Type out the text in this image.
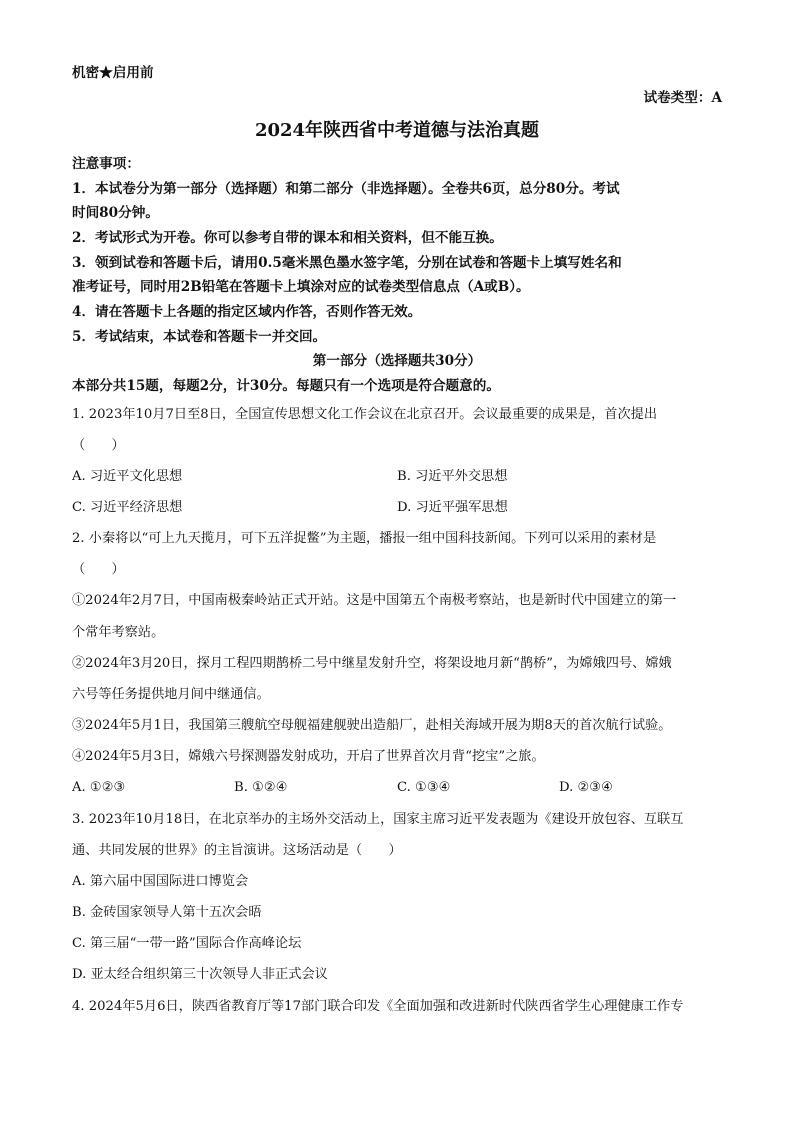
机密★启用前
试卷类型：A
2024年陕西省中考道德与法治真题
注意事项：
1．本试卷分为第一部分（选择题）和第二部分（非选择题）。全卷共6页，总分80分。考试
时间80分钟。
2．考试形式为开卷。你可以参考自带的课本和相关资料，但不能互换。
3．领到试卷和答题卡后，请用0.5毫米黑色墨水签字笔，分别在试卷和答题卡上填写姓名和
准考证号，同时用2B铅笔在答题卡上填涂对应的试卷类型信息点（A或B）。
4．请在答题卡上各题的指定区域内作答，否则作答无效。
5．考试结束，本试卷和答题卡一并交回。
第一部分（选择题共30分）
本部分共15题，每题2分，计30分。每题只有一个选项是符合题意的。
1. 2023年10月7日至8日，全国宣传思想文化工作会议在北京召开。会议最重要的成果是，首次提出
（　　）
A. 习近平文化思想	B. 习近平外交思想
C. 习近平经济思想	D. 习近平强军思想
2. 小秦将以“可上九天揽月，可下五洋捉鳖”为主题，播报一组中国科技新闻。下列可以采用的素材是
（　　）
①2024年2月7日，中国南极秦岭站正式开站。这是中国第五个南极考察站，也是新时代中国建立的第一
个常年考察站。
②2024年3月20日，探月工程四期鹊桥二号中继星发射升空，将架设地月新“鹊桥”，为嫦娥四号、嫦娥
六号等任务提供地月间中继通信。
③2024年5月1日，我国第三艘航空母舰福建舰驶出造船厂，赴相关海域开展为期8天的首次航行试验。
④2024年5月3日，嫦娥六号探测器发射成功，开启了世界首次月背“挖宝”之旅。
A. ①②③	B. ①②④	C. ①③④	D. ②③④
3. 2023年10月18日，在北京举办的主场外交活动上，国家主席习近平发表题为《建设开放包容、互联互
通、共同发展的世界》的主旨演讲。这场活动是（　　）
A. 第六届中国国际进口博览会
B. 金砖国家领导人第十五次会晤
C. 第三届“一带一路”国际合作高峰论坛
D. 亚太经合组织第三十次领导人非正式会议
4. 2024年5月6日，陕西省教育厅等17部门联合印发《全面加强和改进新时代陕西省学生心理健康工作专
